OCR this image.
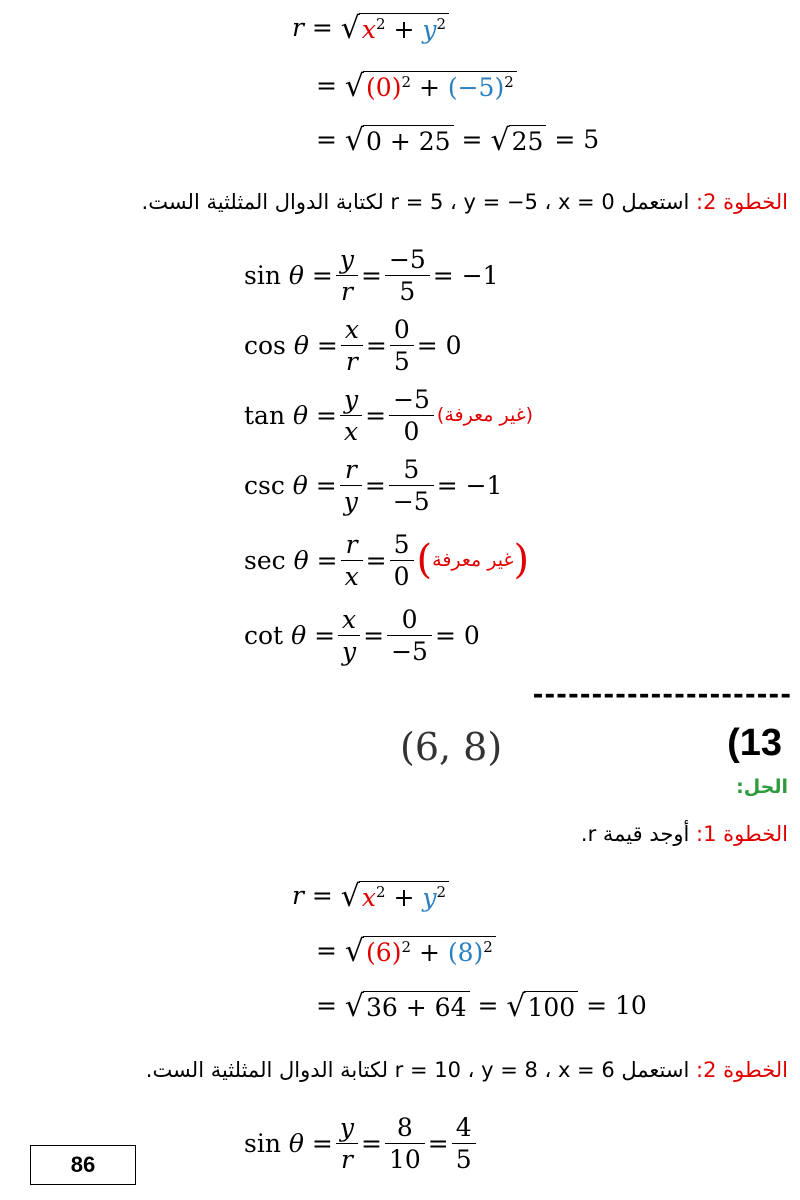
r = √ $x^2 + y^2$
= √ $(0)^2 + (-5)^2$
= √ 0 + 25 = √ 25 = 5
الخطوة 2: استعمل r = 5 ، y = −5 ، x = 0 لكتابة الدوال المثلثية الست.
sin
$\theta = \frac{y}{r} = \frac{-5}{5} = -1$
cos
$\theta = \frac{x}{r} = \frac{0}{5} = 0$
tan
$\theta = \frac{y}{x} = \frac{-5}{0}$ (غير معرفة)
csc
$\theta = \frac{r}{y} = \frac{5}{-5} = -1$
sec
$\theta = \frac{r}{x} = \frac{5}{0}$ ( غير معرفة )
cot
$\theta = \frac{x}{y} = \frac{0}{-5} = 0$
----------------------
(6, 8)	(13
الحل:
الخطوة 1: أوجد قيمة r.
r = √ $x^2 + y^2$
= √ $(6)^2 + (8)^2$
= √ 36 + 64 = √ 100 = 10
الخطوة 2: استعمل r = 10 ، y = 8 ، x = 6 لكتابة الدوال المثلثية الست.
sin
$\theta = \frac{y}{r} = \frac{8}{10} = \frac{4}{5}$
86
